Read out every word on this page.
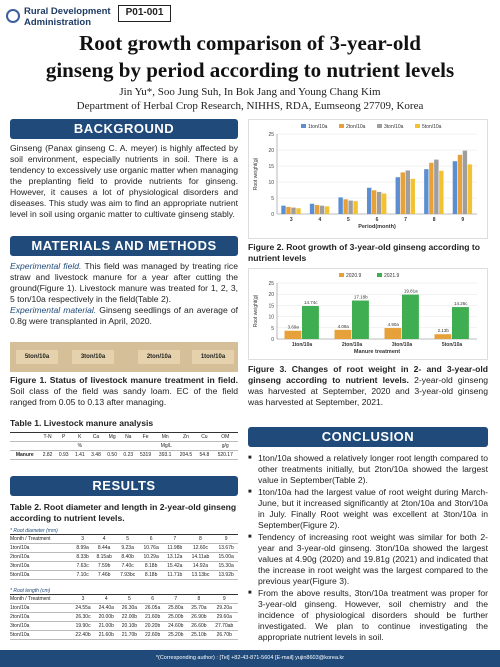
Rural Development
Administration
P01-001
Root growth comparison of 3-year-old
ginseng by period according to nutrient levels
Jin Yu*, Soo Jung Suh, In Bok Jang and Young Chang Kim
Department of Herbal Crop Research, NIHHS, RDA, Eumseong 27709, Korea
BACKGROUND
Ginseng (Panax ginseng C. A. meyer) is highly affected by soil environment, especially nutrients in soil. There is a tendency to excessively use organic matter when managing the preplanting field to provide nutrients for ginseng. However, it causes a lot of physiological disorders and diseases. This study was aim to find an appropriate nutrient level in soil using organic matter to cultivate ginseng stably.
MATERIALS AND METHODS
Experimental field. This field was managed by treating rice straw and livestock manure for a year after cutting the ground(Figure 1). Livestock manure was treated for 1, 2, 3, 5 ton/10a respectively in the field(Table 2).
Experimental material. Ginseng seedlings of an average of 0.8g were transplanted in April, 2020.
5ton/10a	3ton/10a	2ton/10a	1ton/10a
Figure 1. Status of livestock manure treatment in field. Soil class of the field was sandy loam. EC of the field ranged from 0.05 to 0.13 after managing.
Table 1. Livestock manure analysis
	T-N	P	K	Ca	Mg	Na	Fe	Mn	Zn	Cu	OM
	%					Mg/L					g/g
Manure	2.82	0.93	1.41	3.48	0.50	0.23	5319	393.1	204.5	54.8	520.17
RESULTS
Table 2. Root diameter and length in 2-year-old ginseng according to nutrient levels.
* Root diameter (mm)
Month / Treatment	3	4	5	6	7	8	9
1ton/10a	8.99a	8.44a	9.23a	10.76a	11.98b	12.60c	13.67b
2ton/10a	8.33b	8.15ab	8.40b	10.29a	13.12a	14.11ab	15.00a
3ton/10a	7.63c	7.59b	7.40c	8.18b	15.42a	14.92a	15.30a
5ton/10a	7.10c	7.46b	7.93bc	8.18b	11.71b	13.13bc	13.92b
* Root length (cm)
Month / Treatment	3	4	5	6	7	8	9
1ton/10a	24.55a	24.40a	26.30a	26.05a	25.80a	25.70a	29.20a
2ton/10a	26.30c	20.00b	22.00b	21.60b	25.00b	26.90b	29.60a
3ton/10a	19.90c	21.00b	20.10b	20.20b	24.60b	26.60b	27.70ab
5ton/10a	22.40b	21.60b	21.70b	22.60b	25.20b	25.10b	26.70b
0
5
10
15
20
25
3	4	5	6	7	8	9
Root weight(g)
Period(month)
1ton/10a	2ton/10a	3ton/10a	5ton/10a
Figure 2. Root growth of 3-year-old ginseng according to nutrient levels
0
5
10
15
20
25
1ton/10a
3.69a
14.74c
2ton/10a
4.09a
17.18b
3ton/10a
4.90a
19.81a
5ton/10a
2.13b
14.26c
Root weight(g)
Manure treatment
2020.9	2021.9
Figure 3. Changes of root weight in 2- and 3-year-old ginseng according to nutrient levels. 2-year-old ginseng was harvested at September, 2020 and 3-year-old ginseng was harvested at September, 2021.
CONCLUSION
■ 1ton/10a showed a relatively longer root length compared to other treatments initially, but 2ton/10a showed the largest value in September(Table 2).
■ 1ton/10a had the largest value of root weight during March-June, but it increased significantly at 2ton/10a and 3ton/10a in July. Finally Root weight was excellent at 3ton/10a in September(Figure 2).
■ Tendency of increasing root weight was similar for both 2-year and 3-year-old ginseng. 3ton/10a showed the largest values at 4.90g (2020) and 19.81g (2021) and indicated that the increase in root weight was the largest compared to the previous year(Figure 3).
■ From the above results, 3ton/10a treatment was proper for 3-year-old ginseng. However, soil chemistry and the incidence of physiological disorders should be further investigated. We plan to continue investigating the appropriate nutrient levels in soil.
*(Corresponding author) : [Tel] +82-43-871-5604 [E-mail] yujin8603@korea.kr
